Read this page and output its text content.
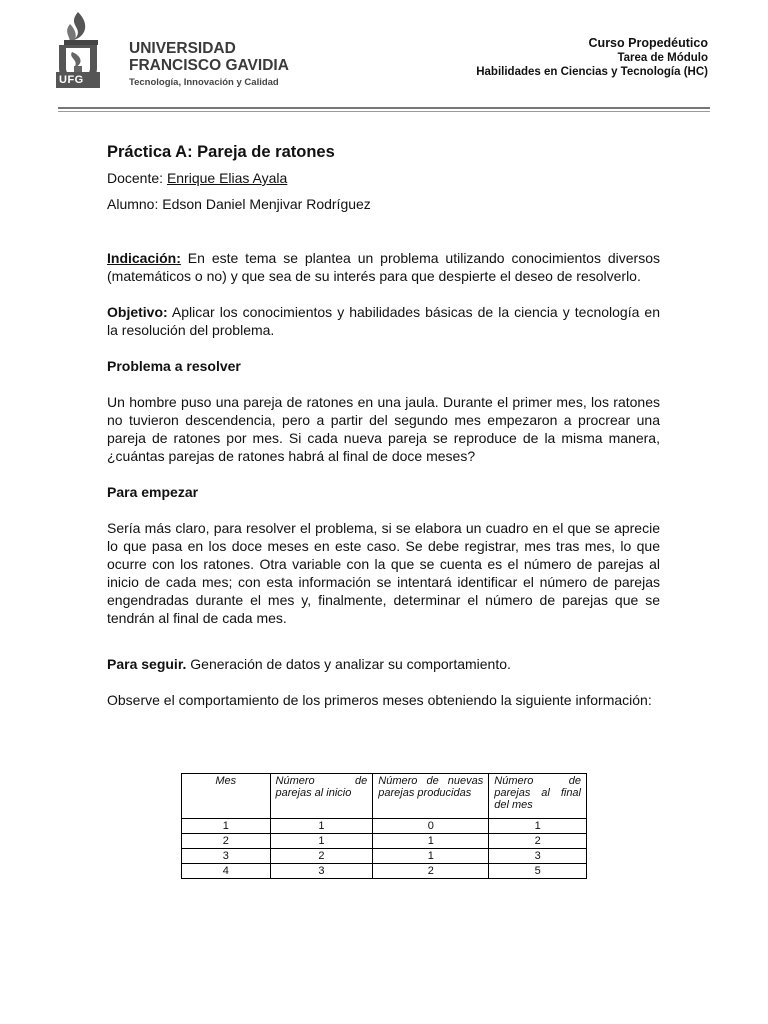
UFG
UNIVERSIDAD
FRANCISCO GAVIDIA
Tecnología, Innovación y Calidad
Curso Propedéutico
Tarea de Módulo
Habilidades en Ciencias y Tecnología (HC)
Práctica A: Pareja de ratones
Docente: Enrique Elias Ayala
Alumno: Edson Daniel Menjivar Rodríguez

Indicación: En este tema se plantea un problema utilizando conocimientos diversos (matemáticos o no) y que sea de su interés para que despierte el deseo de resolverlo.

Objetivo: Aplicar los conocimientos y habilidades básicas de la ciencia y tecnología en la resolución del problema.

Problema a resolver

Un hombre puso una pareja de ratones en una jaula. Durante el primer mes, los ratones no tuvieron descendencia, pero a partir del segundo mes empezaron a procrear una pareja de ratones por mes. Si cada nueva pareja se reproduce de la misma manera, ¿cuántas parejas de ratones habrá al final de doce meses?

Para empezar

Sería más claro, para resolver el problema, si se elabora un cuadro en el que se aprecie lo que pasa en los doce meses en este caso. Se debe registrar, mes tras mes, lo que ocurre con los ratones. Otra variable con la que se cuenta es el número de parejas al inicio de cada mes; con esta información se intentará identificar el número de parejas engendradas durante el mes y, finalmente, determinar el número de parejas que se tendrán al final de cada mes.

Para seguir. Generación de datos y analizar su comportamiento.

Observe el comportamiento de los primeros meses obteniendo la siguiente información:

Mes	Número de parejas al inicio	Número de nuevas parejas producidas	Número de parejas al final del mes
1	1	0	1
2	1	1	2
3	2	1	3
4	3	2	5
